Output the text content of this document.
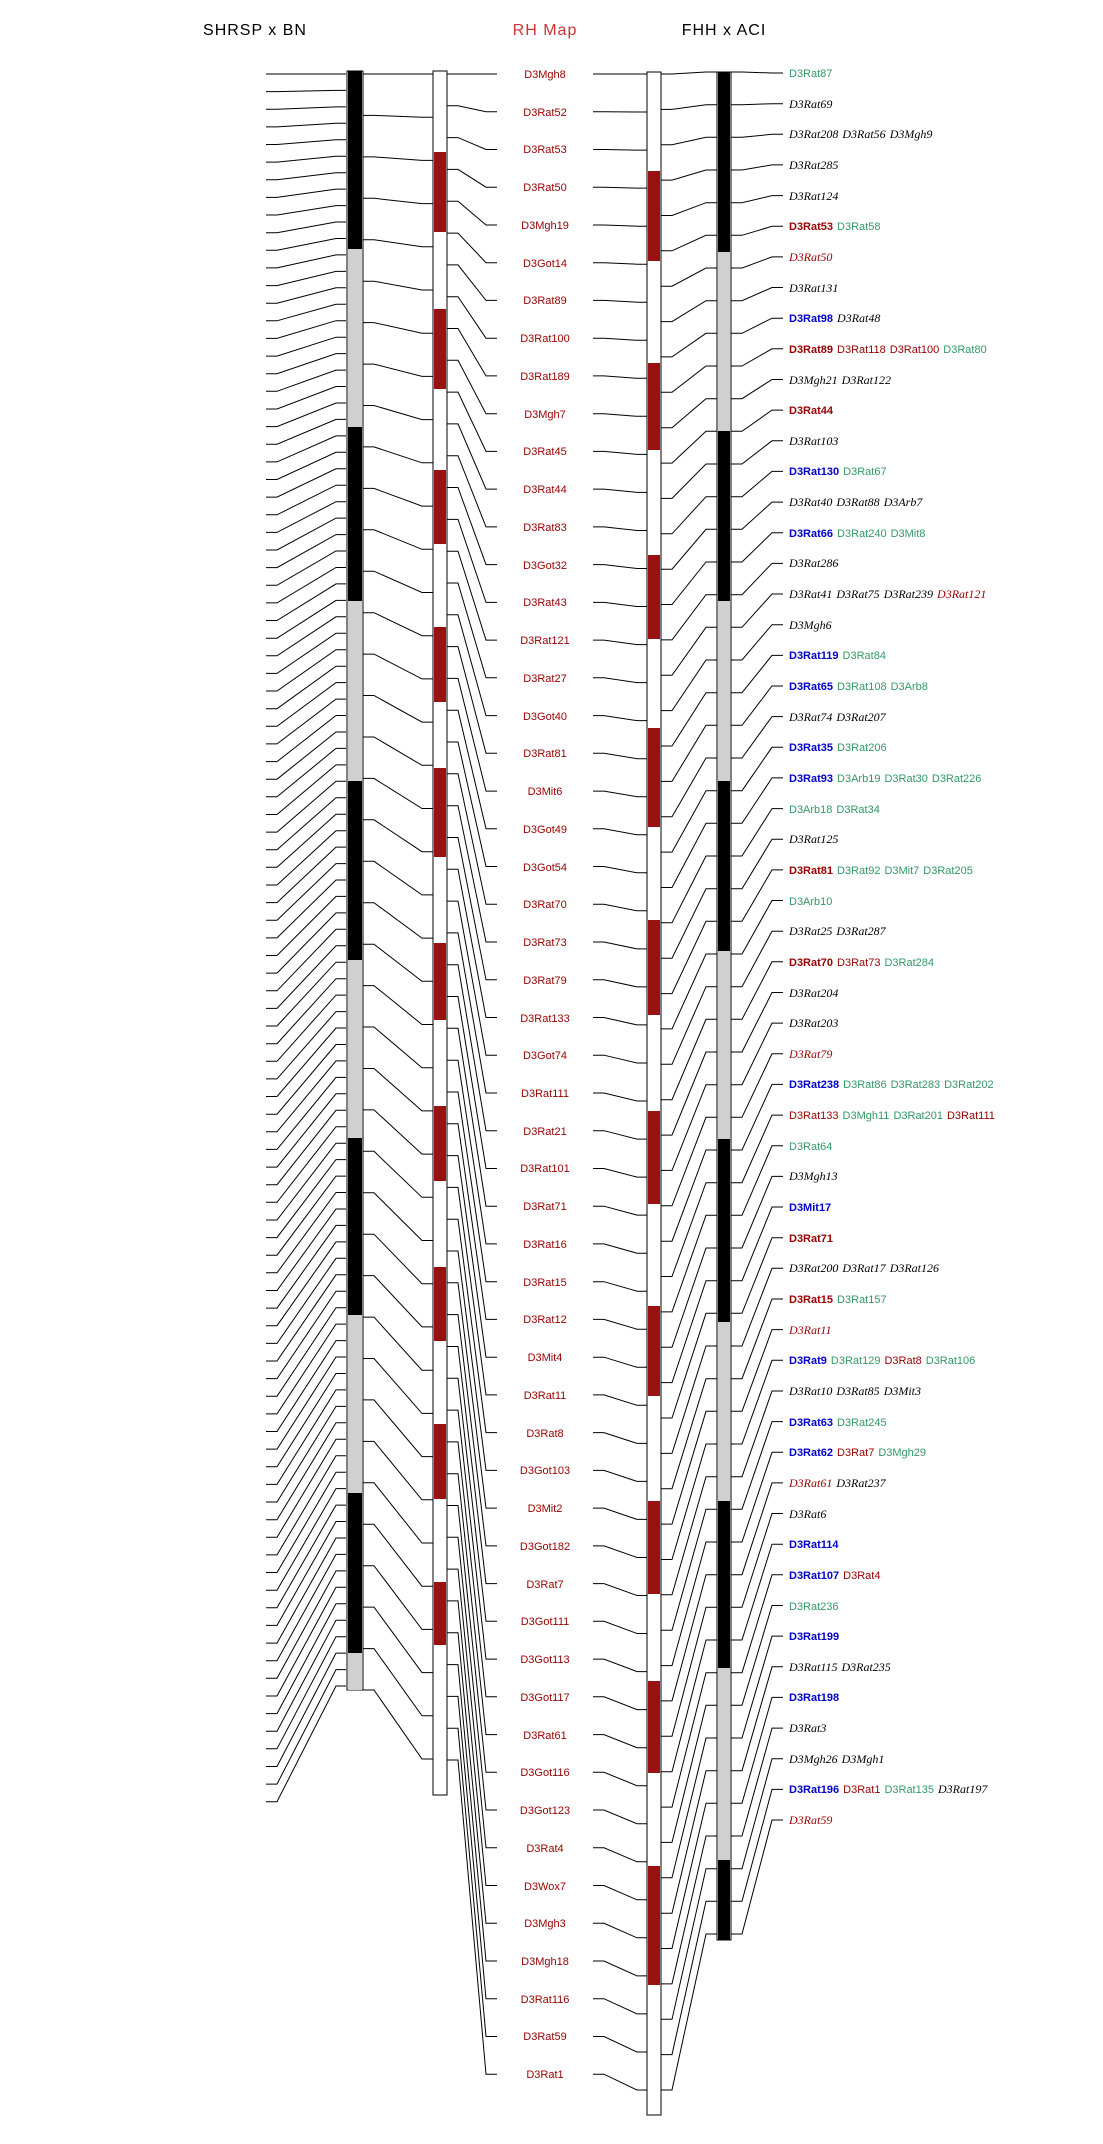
SHRSP x BN	RH Map	FHH x ACI
D3Mgh8
D3Rat52
D3Rat53
D3Rat50
D3Mgh19
D3Got14
D3Rat89
D3Rat100
D3Rat189
D3Mgh7
D3Rat45
D3Rat44
D3Rat83
D3Got32
D3Rat43
D3Rat121
D3Rat27
D3Got40
D3Rat81
D3Mit6
D3Got49
D3Got54
D3Rat70
D3Rat73
D3Rat79
D3Rat133
D3Got74
D3Rat111
D3Rat21
D3Rat101
D3Rat71
D3Rat16
D3Rat15
D3Rat12
D3Mit4
D3Rat11
D3Rat8
D3Got103
D3Mit2
D3Got182
D3Rat7
D3Got111
D3Got113
D3Got117
D3Rat61
D3Got116
D3Got123
D3Rat4
D3Wox7
D3Mgh3
D3Mgh18
D3Rat116
D3Rat59
D3Rat1
D3Rat87
D3Rat69
D3Rat208 D3Rat56 D3Mgh9
D3Rat285
D3Rat124
D3Rat53 D3Rat58
D3Rat50
D3Rat131
D3Rat98 D3Rat48
D3Rat89 D3Rat118 D3Rat100 D3Rat80
D3Mgh21 D3Rat122
D3Rat44
D3Rat103
D3Rat130 D3Rat67
D3Rat40 D3Rat88 D3Arb7
D3Rat66 D3Rat240 D3Mit8
D3Rat286
D3Rat41 D3Rat75 D3Rat239 D3Rat121
D3Mgh6
D3Rat119 D3Rat84
D3Rat65 D3Rat108 D3Arb8
D3Rat74 D3Rat207
D3Rat35 D3Rat206
D3Rat93 D3Arb19 D3Rat30 D3Rat226
D3Arb18 D3Rat34
D3Rat125
D3Rat81 D3Rat92 D3Mit7 D3Rat205
D3Arb10
D3Rat25 D3Rat287
D3Rat70 D3Rat73 D3Rat284
D3Rat204
D3Rat203
D3Rat79
D3Rat238 D3Rat86 D3Rat283 D3Rat202
D3Rat133 D3Mgh11 D3Rat201 D3Rat111
D3Rat64
D3Mgh13
D3Mit17
D3Rat71
D3Rat200 D3Rat17 D3Rat126
D3Rat15 D3Rat157
D3Rat11
D3Rat9 D3Rat129 D3Rat8 D3Rat106
D3Rat10 D3Rat85 D3Mit3
D3Rat63 D3Rat245
D3Rat62 D3Rat7 D3Mgh29
D3Rat61 D3Rat237
D3Rat6
D3Rat114
D3Rat107 D3Rat4
D3Rat236
D3Rat199
D3Rat115 D3Rat235
D3Rat198
D3Rat3
D3Mgh26 D3Mgh1
D3Rat196 D3Rat1 D3Rat135 D3Rat197
D3Rat59
